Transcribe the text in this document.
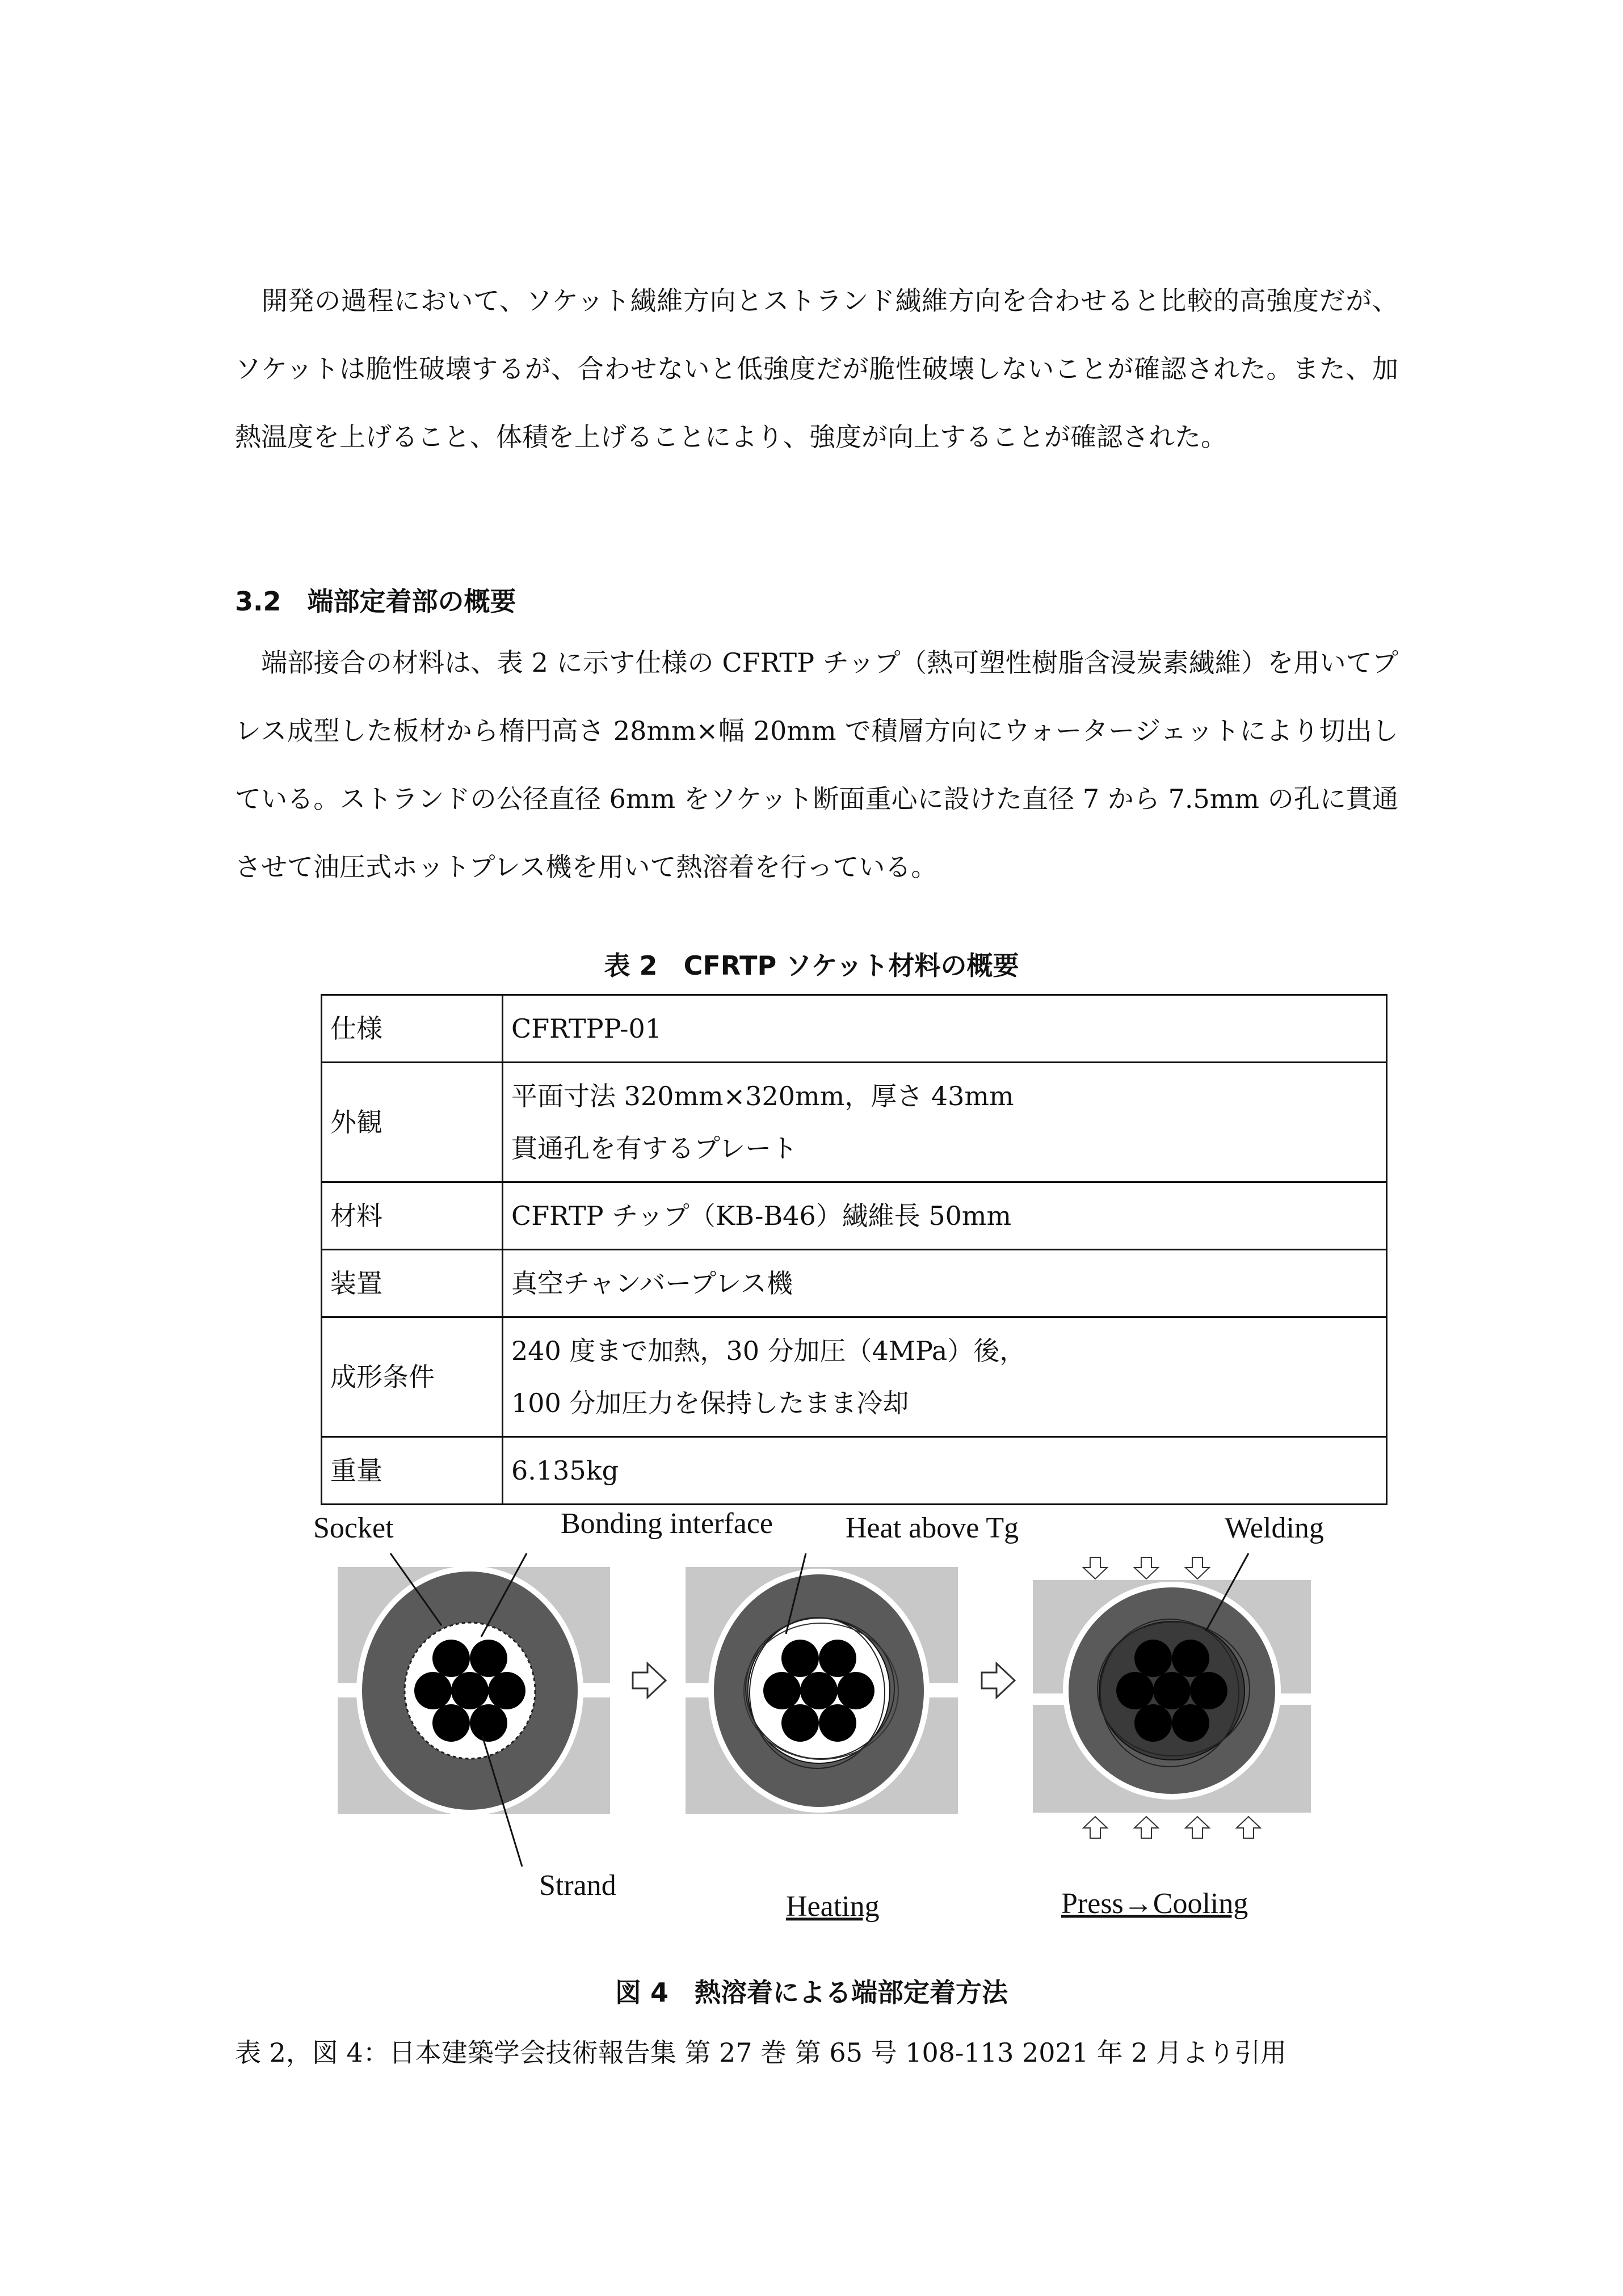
　開発の過程において、ソケット繊維方向とストランド繊維方向を合わせると比較的高強度だが、ソケットは脆性破壊するが、合わせないと低強度だが脆性破壊しないことが確認された。また、加熱温度を上げること、体積を上げることにより、強度が向上することが確認された。
3.2　端部定着部の概要
　端部接合の材料は、表 2 に示す仕様の CFRTP チップ（熱可塑性樹脂含浸炭素繊維）を用いてプレス成型した板材から楕円高さ 28mm×幅 20mm で積層方向にウォータージェットにより切出している。ストランドの公径直径 6mm をソケット断面重心に設けた直径 7 から 7.5mm の孔に貫通させて油圧式ホットプレス機を用いて熱溶着を行っている。
表 2　CFRTP ソケット材料の概要
仕様	CFRTPP-01

外観	平面寸法 320mm×320mm，厚さ 43mm
貫通孔を有するプレート

材料	CFRTP チップ（KB-B46）繊維長 50mm

装置	真空チャンバープレス機

成形条件	240 度まで加熱，30 分加圧（4MPa）後，
100 分加圧力を保持したまま冷却

重量	6.135kg
Socket	Bonding interface Heat above Tg	Welding
Strand
Heating	Press→Cooling
図 4　熱溶着による端部定着方法
表 2，図 4：日本建築学会技術報告集 第 27 巻 第 65 号 108-113 2021 年 2 月より引用
